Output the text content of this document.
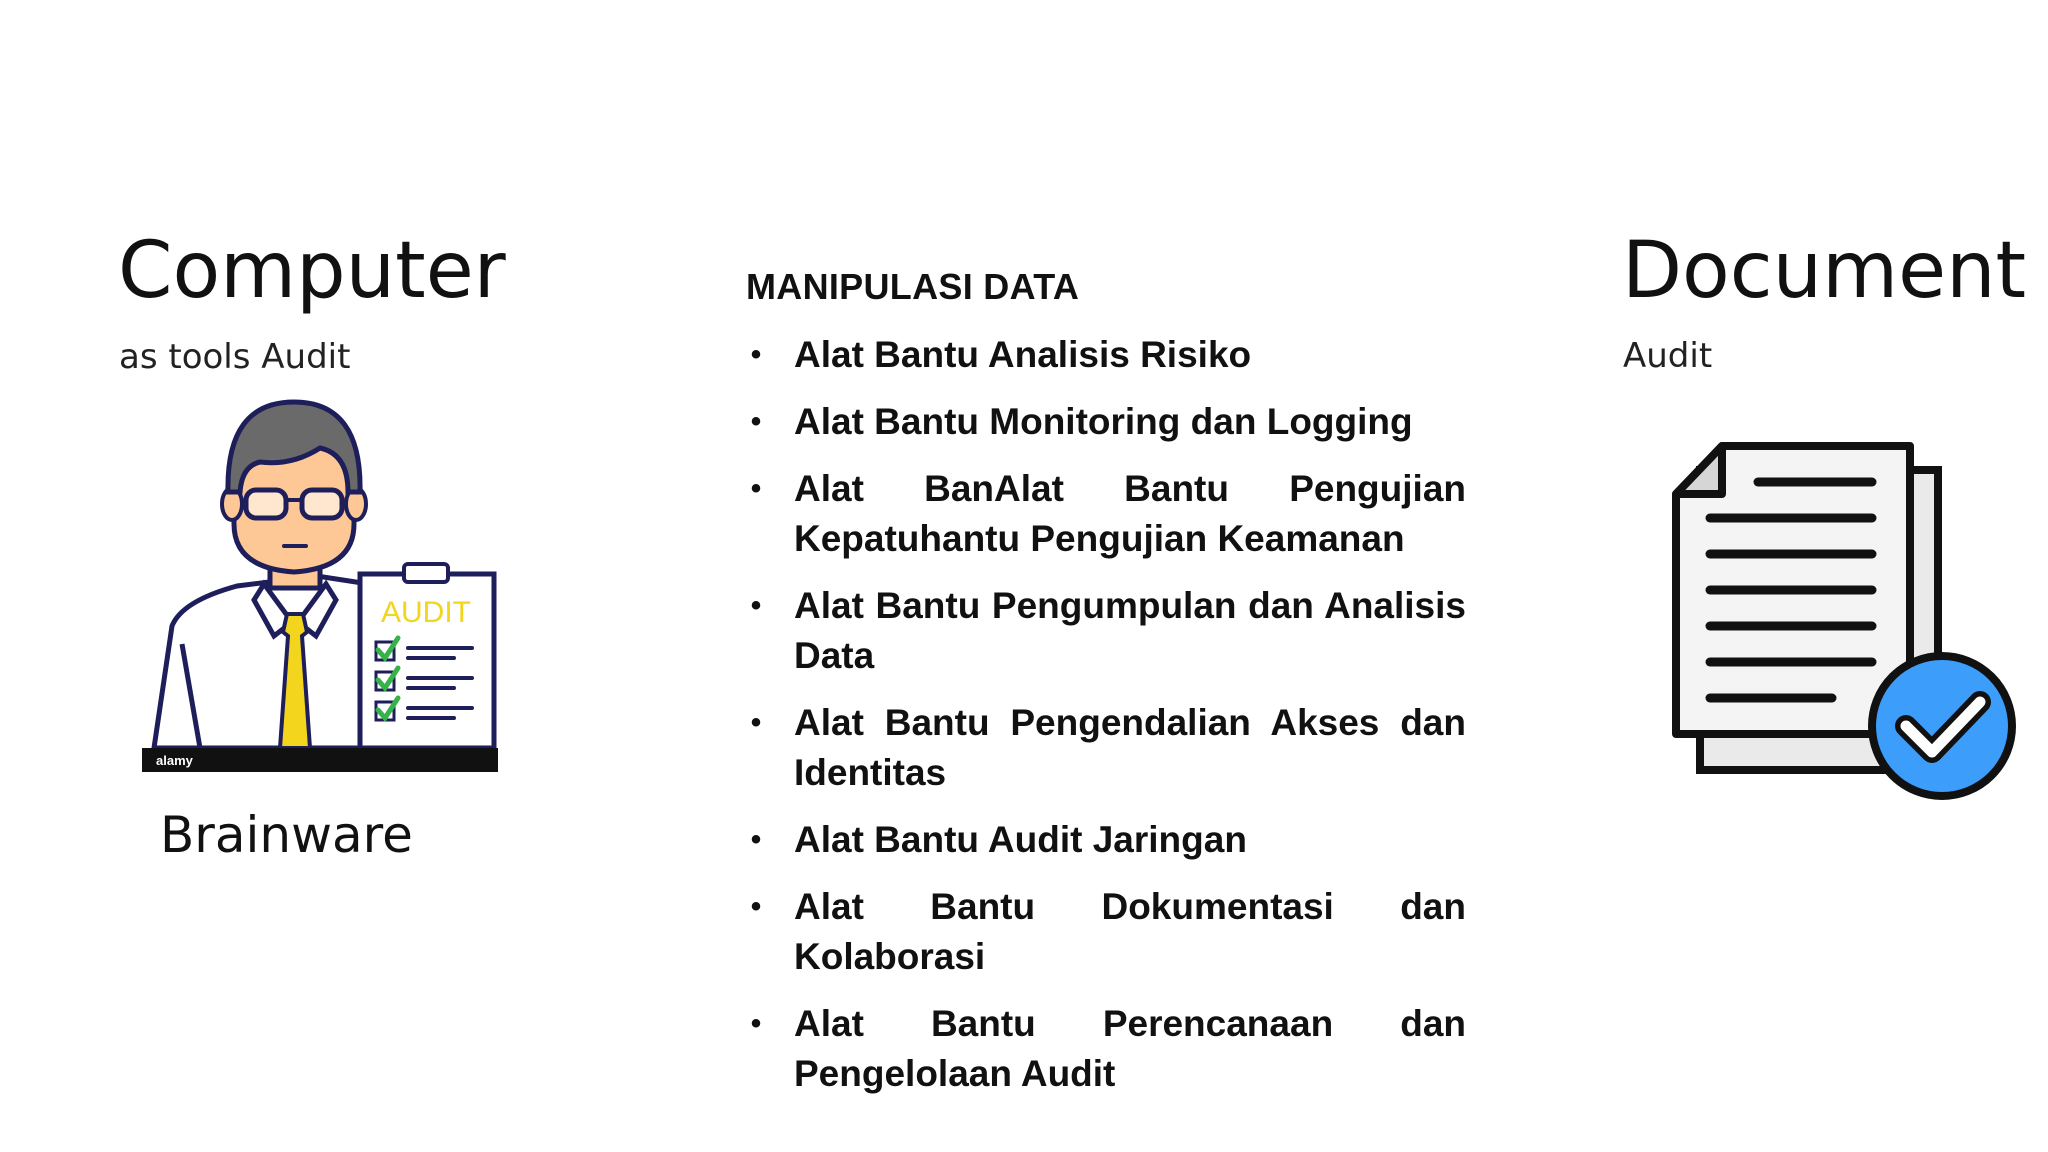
Computer
as tools Audit
AUDIT
alamy
Brainware
MANIPULASI DATA
• Alat Bantu Analisis Risiko
• Alat Bantu Monitoring dan Logging
• Alat BanAlat Bantu Pengujian Kepatuhantu Pengujian Keamanan
• Alat Bantu Pengumpulan dan Analisis Data
• Alat Bantu Pengendalian Akses dan Identitas
• Alat Bantu Audit Jaringan
• Alat Bantu Dokumentasi dan Kolaborasi
• Alat Bantu Perencanaan dan Pengelolaan Audit
Document
Audit
